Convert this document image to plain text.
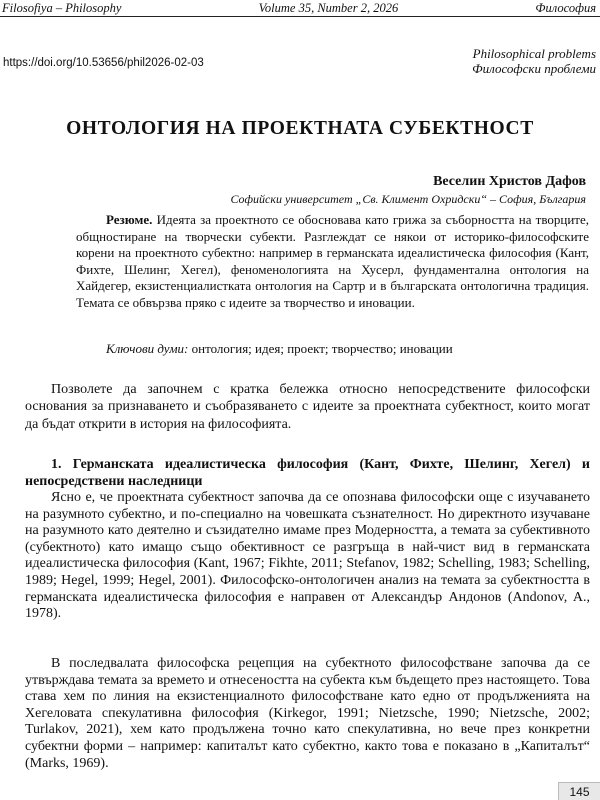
Filosofiya – Philosophy	Volume 35, Number 2, 2026	Философия
https://doi.org/10.53656/phil2026-02-03
Philosophical problems
Философски проблеми
ОНТОЛОГИЯ НА ПРОЕКТНАТА СУБЕКТНОСТ
Веселин Христов Дафов
Софийски университет „Св. Климент Охридски“ – София, България

Резюме. Идеята за проектното се обосновава като грижа за съборността на творците, общностиране на творчески субекти. Разглеждат се някои от историко-философските корени на проектното субектно: например в германската идеалистическа философия (Кант, Фихте, Шелинг, Хегел), феноменологията на Хусерл, фундаментална онтология на Хайдегер, екзистенциалистката онтология на Сартр и в българската онтологична традиция. Темата се обвързва пряко с идеите за творчество и иновации.

Ключови думи: онтология; идея; проект; творчество; иновации

Позволете да започнем с кратка бележка относно непосредствените философски основания за признаването и съобразяването с идеите за проектната субектност, които могат да бъдат открити в история на философията.

1. Германската идеалистическа философия (Кант, Фихте, Шелинг, Хегел) и непосредствени наследници

Ясно е, че проектната субектност започва да се опознава философски още с изучаването на разумното субектно, и по-специално на човешката съзнателност. Но директното изучаване на разумното като деятелно и съзидателно имаме през Модерността, а темата за субективното (субектното) като имащо също обективност се разгръща в най-чист вид в германската идеалистическа философия (Kant, 1967; Fikhte, 2011; Stefanov, 1982; Schelling, 1983; Schelling, 1989; Hegel, 1999; Hegel, 2001). Философско-онтологичен анализ на темата за субектността в германската идеалистическа философия е направен от Александър Андонов (Andonov, A., 1978).

В последвалата философска рецепция на субектното философстване започва да се утвърждава темата за времето и отнесеността на субекта към бъдещето през настоящето. Това става хем по линия на екзистенциалното философстване като едно от продълженията на Хегеловата спекулативна философия (Kirkegor, 1991; Nietzsche, 1990; Nietzsche, 2002; Turlakov, 2021), хем като продължена точно като спекулативна, но вече през конкретни субектни форми – например: капиталът като субектно, както това е показано в „Капиталът“ (Marks, 1969).

145
